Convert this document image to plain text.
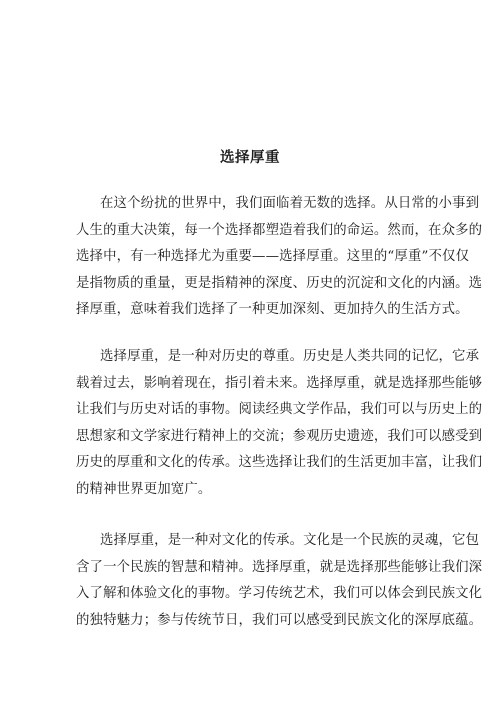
选择厚重
在这个纷扰的世界中，我们面临着无数的选择。从日常的小事到
人生的重大决策，每一个选择都塑造着我们的命运。然而，在众多的
选择中，有一种选择尤为重要——选择厚重。这里的“厚重”不仅仅
是指物质的重量，更是指精神的深度、历史的沉淀和文化的内涵。选
择厚重，意味着我们选择了一种更加深刻、更加持久的生活方式。
选择厚重，是一种对历史的尊重。历史是人类共同的记忆，它承
载着过去，影响着现在，指引着未来。选择厚重，就是选择那些能够
让我们与历史对话的事物。阅读经典文学作品，我们可以与历史上的
思想家和文学家进行精神上的交流；参观历史遗迹，我们可以感受到
历史的厚重和文化的传承。这些选择让我们的生活更加丰富，让我们
的精神世界更加宽广。
选择厚重，是一种对文化的传承。文化是一个民族的灵魂，它包
含了一个民族的智慧和精神。选择厚重，就是选择那些能够让我们深
入了解和体验文化的事物。学习传统艺术，我们可以体会到民族文化
的独特魅力；参与传统节日，我们可以感受到民族文化的深厚底蕴。
